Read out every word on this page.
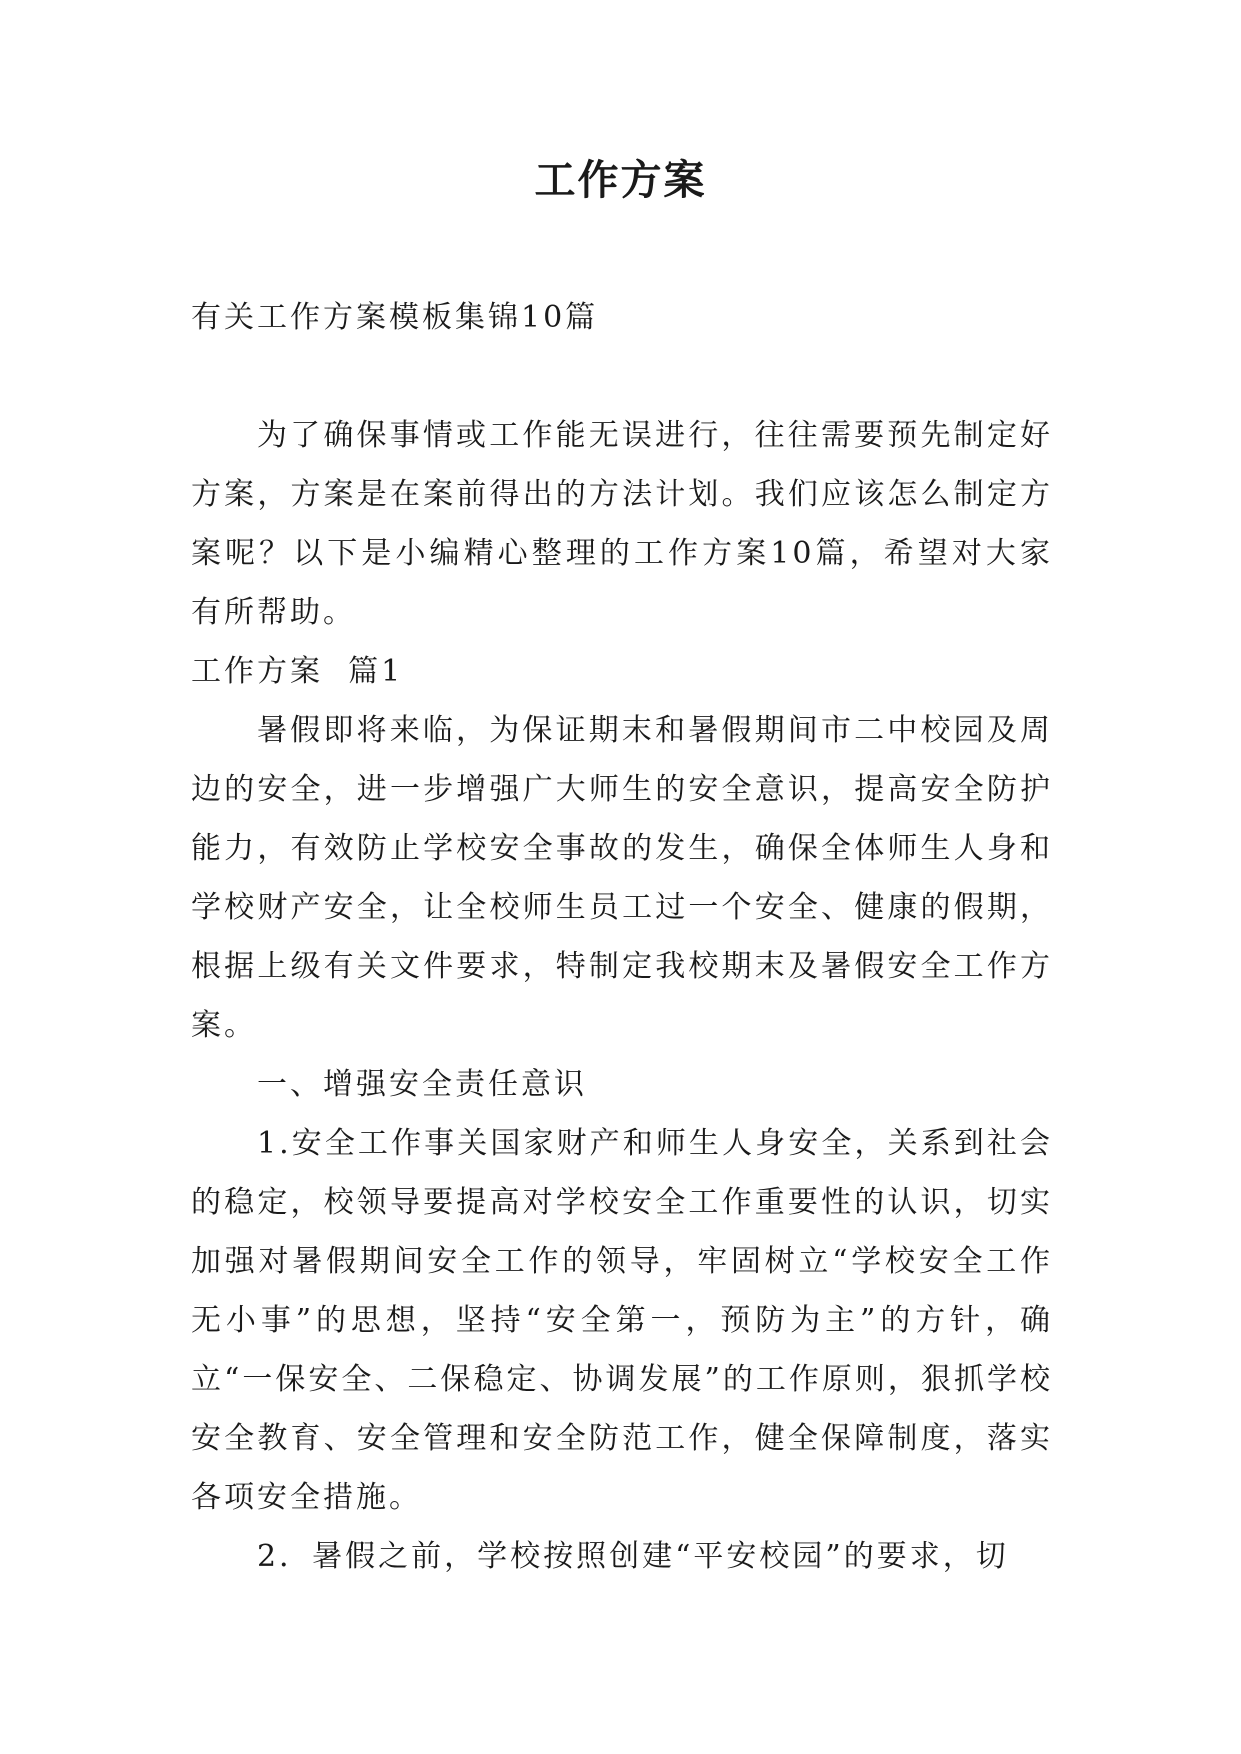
工作方案

有关工作方案模板集锦10篇

为了确保事情或工作能无误进行，往往需要预先制定好方案，方案是在案前得出的方法计划。我们应该怎么制定方案呢？以下是小编精心整理的工作方案10篇，希望对大家有所帮助。

工作方案  篇1

暑假即将来临，为保证期末和暑假期间市二中校园及周边的安全，进一步增强广大师生的安全意识，提高安全防护能力，有效防止学校安全事故的发生，确保全体师生人身和学校财产安全，让全校师生员工过一个安全、健康的假期，根据上级有关文件要求，特制定我校期末及暑假安全工作方案。

一、增强安全责任意识

1.安全工作事关国家财产和师生人身安全，关系到社会的稳定，校领导要提高对学校安全工作重要性的认识，切实加强对暑假期间安全工作的领导，牢固树立“学校安全工作无小事”的思想，坚持“安全第一，预防为主”的方针，确立“一保安全、二保稳定、协调发展”的工作原则，狠抓学校安全教育、安全管理和安全防范工作，健全保障制度，落实各项安全措施。

2．暑假之前，学校按照创建“平安校园”的要求，切
